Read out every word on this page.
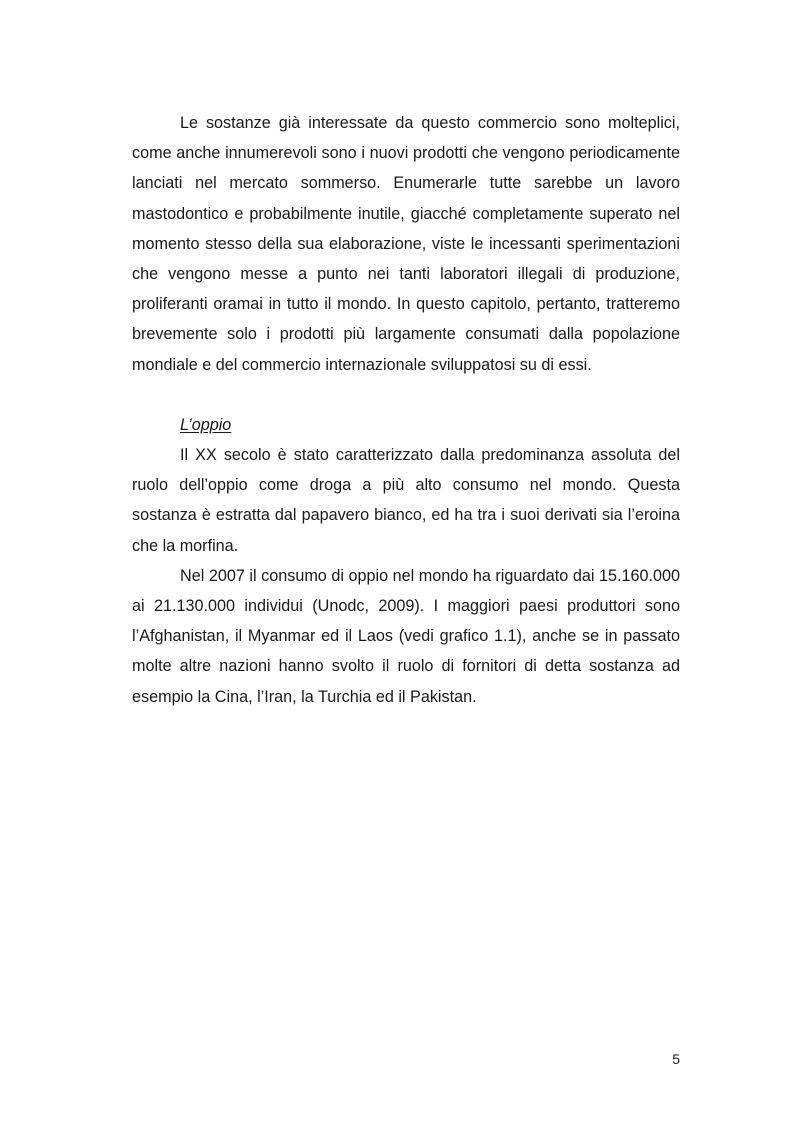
Le sostanze già interessate da questo commercio sono molteplici, come anche innumerevoli sono i nuovi prodotti che vengono periodicamente lanciati nel mercato sommerso. Enumerarle tutte sarebbe un lavoro mastodontico e probabilmente inutile, giacché completamente superato nel momento stesso della sua elaborazione, viste le incessanti sperimentazioni che vengono messe a punto nei tanti laboratori illegali di produzione, proliferanti oramai in tutto il mondo. In questo capitolo, pertanto, tratteremo brevemente solo i prodotti più largamente consumati dalla popolazione mondiale e del commercio internazionale sviluppatosi su di essi.

L’oppio

Il XX secolo è stato caratterizzato dalla predominanza assoluta del ruolo dell’oppio come droga a più alto consumo nel mondo. Questa sostanza è estratta dal papavero bianco, ed ha tra i suoi derivati sia l’eroina che la morfina.

Nel 2007 il consumo di oppio nel mondo ha riguardato dai 15.160.000 ai 21.130.000 individui (Unodc, 2009). I maggiori paesi produttori sono l’Afghanistan, il Myanmar ed il Laos (vedi grafico 1.1), anche se in passato molte altre nazioni hanno svolto il ruolo di fornitori di detta sostanza ad esempio la Cina, l’Iran, la Turchia ed il Pakistan.

5
